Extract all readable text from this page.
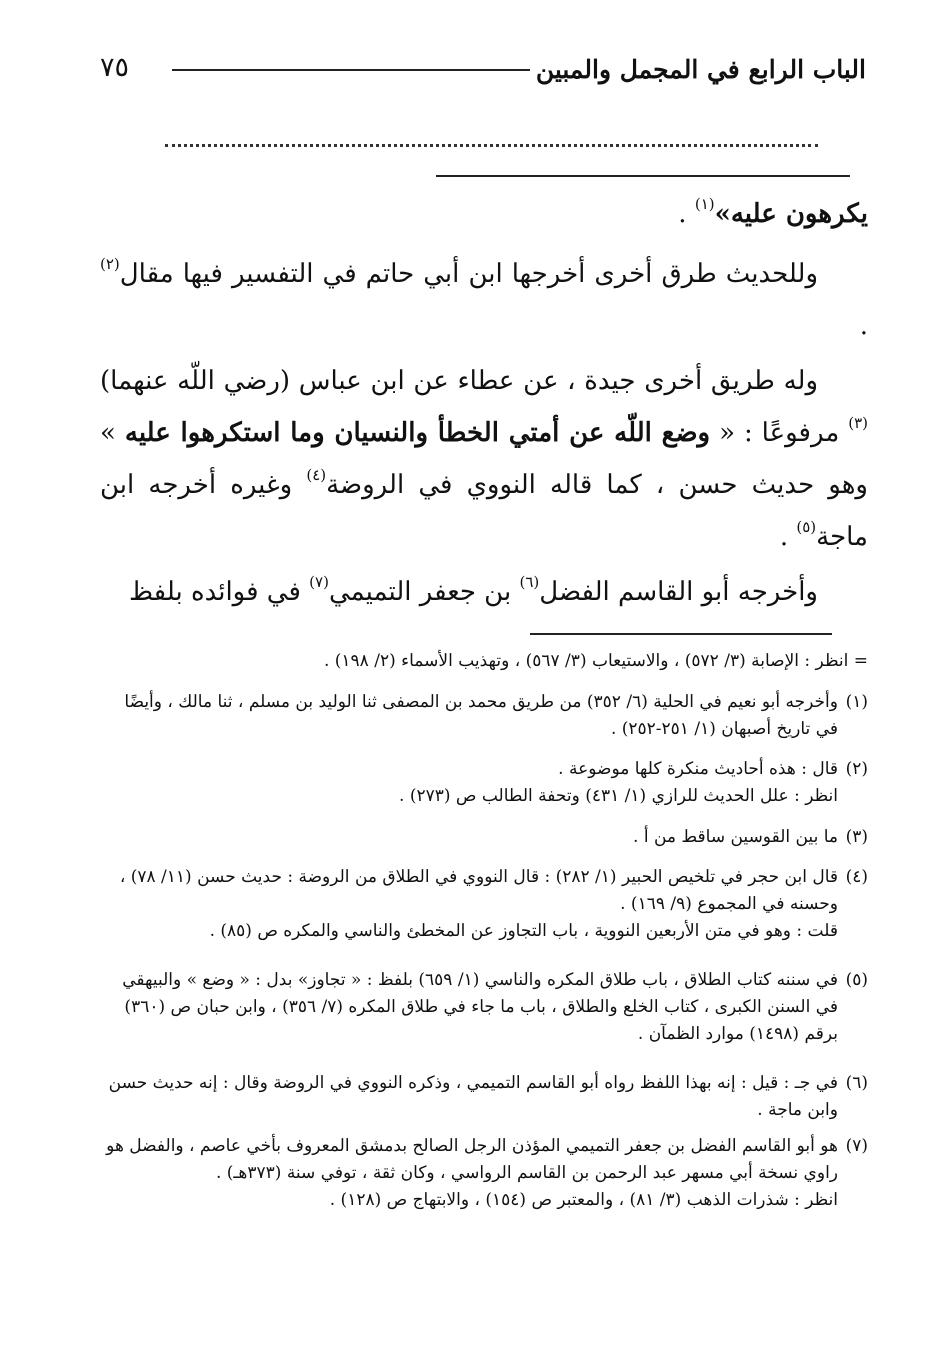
الباب الرابع في المجمل والمبين
٧٥

يكرهون عليه»$^{(١)}$ .

وللحديث طرق أخرى أخرجها ابن أبي حاتم في التفسير فيها مقال$^{(٢)}$ .

وله طريق أخرى جيدة ، عن عطاء عن ابن عباس (رضي اللّه عنهما)$^{(٣)}$ مرفوعًا : « وضع اللّه عن أمتي الخطأ والنسيان وما استكرهوا عليه » وهو حديث حسن ، كما قاله النووي في الروضة$^{(٤)}$ وغيره أخرجه ابن ماجة$^{(٥)}$ .

وأخرجه أبو القاسم الفضل$^{(٦)}$ بن جعفر التميمي$^{(٧)}$ في فوائده بلفظ

= انظر : الإصابة (٣/ ٥٧٢) ، والاستيعاب (٣/ ٥٦٧) ، وتهذيب الأسماء (٢/ ١٩٨) .

(١)وأخرجه أبو نعيم في الحلية (٦/ ٣٥٢) من طريق محمد بن المصفى ثنا الوليد بن مسلم ، ثنا مالك ، وأيضًا في تاريخ أصبهان (١/ ٢٥١-٢٥٢) .

(٢)قال : هذه أحاديث منكرة كلها موضوعة .

انظر : علل الحديث للرازي (١/ ٤٣١) وتحفة الطالب ص (٢٧٣) .

(٣)ما بين القوسين ساقط من أ .

(٤)قال ابن حجر في تلخيص الحبير (١/ ٢٨٢) : قال النووي في الطلاق من الروضة : حديث حسن (١١/ ٧٨) ، وحسنه في المجموع (٩/ ١٦٩) .

قلت : وهو في متن الأربعين النووية ، باب التجاوز عن المخطئ والناسي والمكره ص (٨٥) .

(٥)في سننه كتاب الطلاق ، باب طلاق المكره والناسي (١/ ٦٥٩) بلفظ : « تجاوز» بدل : « وضع » والبيهقي في السنن الكبرى ، كتاب الخلع والطلاق ، باب ما جاء في طلاق المكره (٧/ ٣٥٦) ، وابن حبان ص (٣٦٠) برقم (١٤٩٨) موارد الظمآن .

(٦)في جـ : قيل : إنه بهذا اللفظ رواه أبو القاسم التميمي ، وذكره النووي في الروضة وقال : إنه حديث حسن وابن ماجة .

(٧)هو أبو القاسم الفضل بن جعفر التميمي المؤذن الرجل الصالح بدمشق المعروف بأخي عاصم ، والفضل هو راوي نسخة أبي مسهر عبد الرحمن بن القاسم الرواسي ، وكان ثقة ، توفي سنة (٣٧٣هـ) .

انظر : شذرات الذهب (٣/ ٨١) ، والمعتبر ص (١٥٤) ، والابتهاج ص (١٢٨) .
